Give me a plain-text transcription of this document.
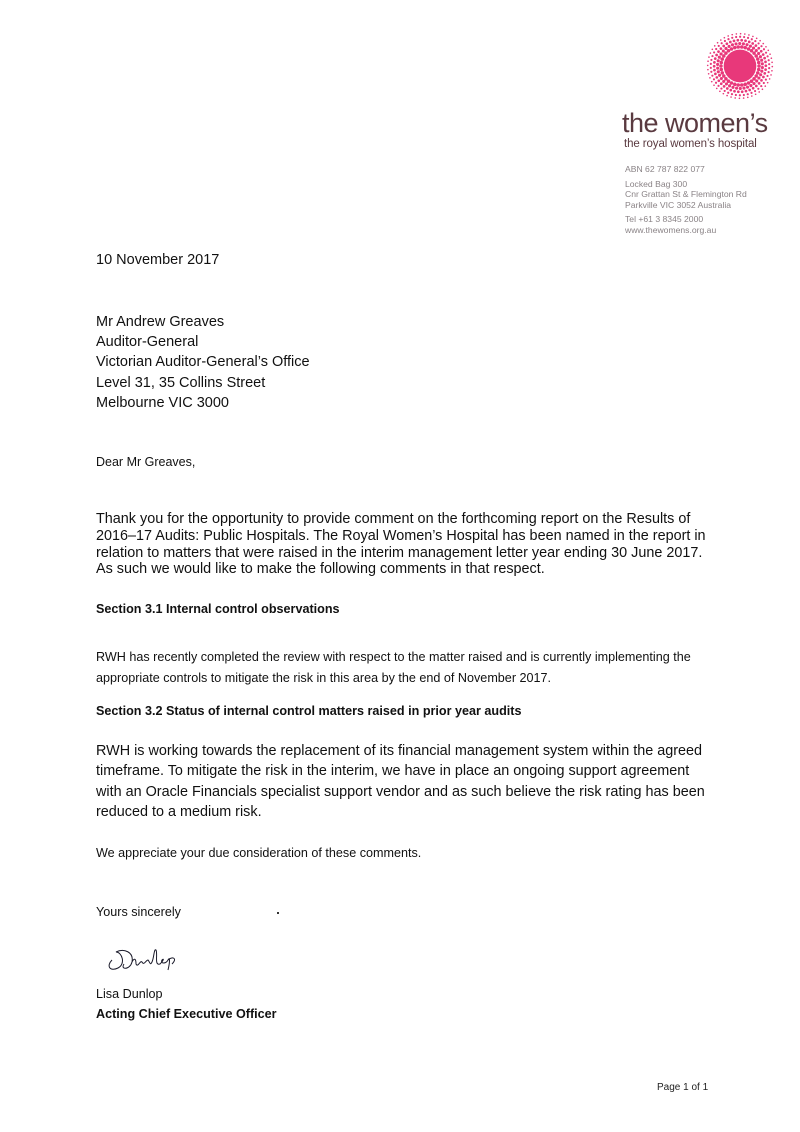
the women’s
the royal women’s hospital
ABN 62 787 822 077
Locked Bag 300
Cnr Grattan St & Flemington Rd
Parkville VIC 3052 Australia
Tel +61 3 8345 2000
www.thewomens.org.au
10 November 2017
Mr Andrew Greaves
Auditor-General
Victorian Auditor-General’s Office
Level 31, 35 Collins Street
Melbourne VIC 3000
Dear Mr Greaves,
Thank you for the opportunity to provide comment on the forthcoming report on the Results of 2016–17 Audits: Public Hospitals. The Royal Women’s Hospital has been named in the report in relation to matters that were raised in the interim management letter year ending 30 June 2017. As such we would like to make the following comments in that respect.
Section 3.1 Internal control observations
RWH has recently completed the review with respect to the matter raised and is currently implementing the appropriate controls to mitigate the risk in this area by the end of November 2017.
Section 3.2 Status of internal control matters raised in prior year audits
RWH is working towards the replacement of its financial management system within the agreed timeframe. To mitigate the risk in the interim, we have in place an ongoing support agreement with an Oracle Financials specialist support vendor and as such believe the risk rating has been reduced to a medium risk.
We appreciate your due consideration of these comments.
Yours sincerely
Lisa Dunlop
Acting Chief Executive Officer
Page 1 of 1
